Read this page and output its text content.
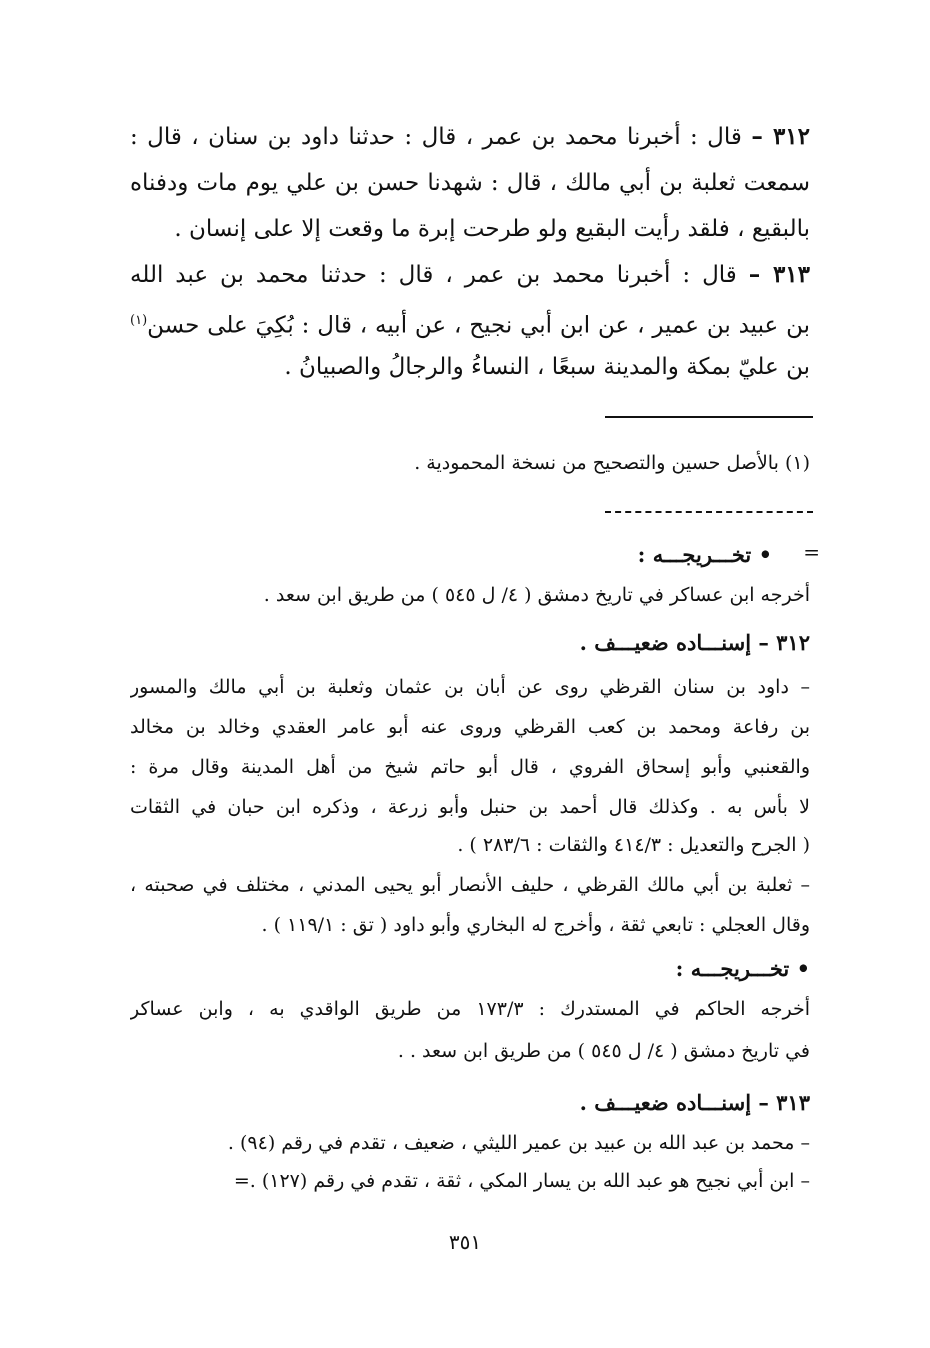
٣١٢ – قال : أخبرنا محمد بن عمر ، قال : حدثنا داود بن سنان ، قال :
سمعت ثعلبة بن أبي مالك ، قال : شهدنا حسن بن علي يوم مات ودفناه
بالبقيع ، فلقد رأيت البقيع ولو طرحت إبرة ما وقعت إلا على إنسان .
٣١٣ – قال : أخبرنا محمد بن عمر ، قال : حدثنا محمد بن عبد الله
بن عبيد بن عمير ، عن ابن أبي نجيح ، عن أبيه ، قال : بُكِيَ على حسن$^{(١)}$
بن عليّ بمكة والمدينة سبعًا ، النساءُ والرجالُ والصبيانُ .
(١) بالأصل حسين والتصحيح من نسخة المحمودية .
=
• تخـــريجـــه :
أخرجه ابن عساكر في تاريخ دمشق ( ٤/ ل ٥٤٥ ) من طريق ابن سعد .
٣١٢ – إسنـــاده ضعيـــف .
– داود بن سنان القرظي روى عن أبان بن عثمان وثعلبة بن أبي مالك والمسور
بن رفاعة ومحمد بن كعب القرظي وروى عنه أبو عامر العقدي وخالد بن مخالد
والقعنبي وأبو إسحاق الفروي ، قال أبو حاتم شيخ من أهل المدينة وقال مرة :
لا بأس به . وكذلك قال أحمد بن حنبل وأبو زرعة ، وذكره ابن حبان في الثقات
( الجرح والتعديل : ٤١٤/٣ والثقات : ٢٨٣/٦ ) .
– ثعلبة بن أبي مالك القرظي ، حليف الأنصار أبو يحيى المدني ، مختلف في صحبته ،
وقال العجلي : تابعي ثقة ، وأخرج له البخاري وأبو داود ( تق : ١١٩/١ ) .
• تخـــريجـــه :
أخرجه الحاكم في المستدرك : ١٧٣/٣ من طريق الواقدي به ، وابن عساكر
في تاريخ دمشق ( ٤/ ل ٥٤٥ ) من طريق ابن سعد . .
٣١٣ – إسنـــاده ضعيـــف .
– محمد بن عبد الله بن عبيد بن عمير الليثي ، ضعيف ، تقدم في رقم (٩٤) .
– ابن أبي نجيح هو عبد الله بن يسار المكي ، ثقة ، تقدم في رقم (١٢٧) .=
٣٥١
